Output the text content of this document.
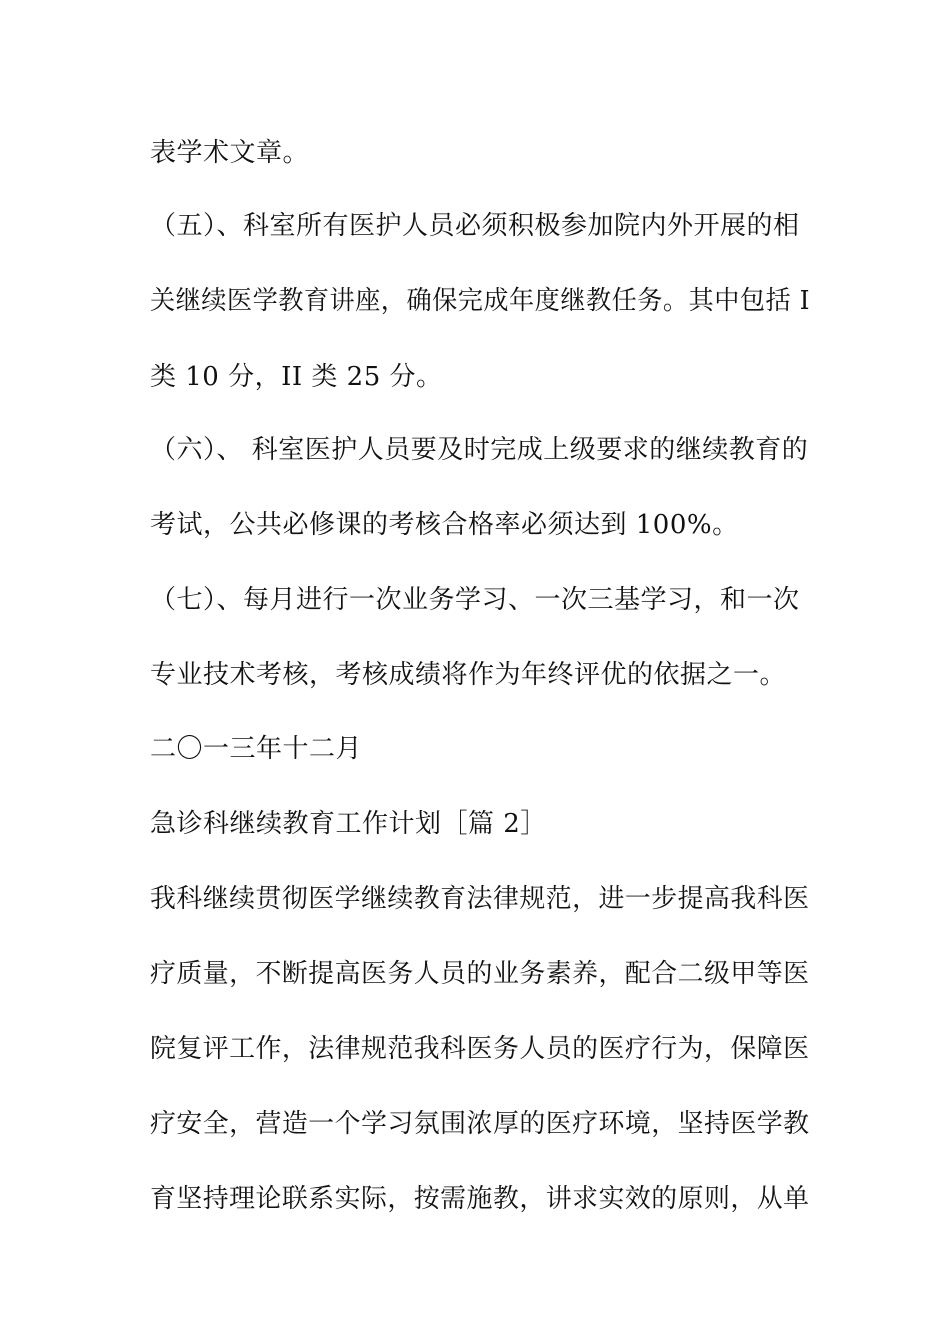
表学术文章。
（五）、科室所有医护人员必须积极参加院内外开展的相
关继续医学教育讲座，确保完成年度继教任务。其中包括 I
类 10 分，II 类 25 分。
（六）、 科室医护人员要及时完成上级要求的继续教育的
考试，公共必修课的考核合格率必须达到 100%。
（七）、每月进行一次业务学习、一次三基学习，和一次
专业技术考核，考核成绩将作为年终评优的依据之一。
二〇一三年十二月
急诊科继续教育工作计划［篇 2］
我科继续贯彻医学继续教育法律规范，进一步提高我科医
疗质量，不断提高医务人员的业务素养，配合二级甲等医
院复评工作，法律规范我科医务人员的医疗行为，保障医
疗安全，营造一个学习氛围浓厚的医疗环境，坚持医学教
育坚持理论联系实际，按需施教，讲求实效的原则，从单
